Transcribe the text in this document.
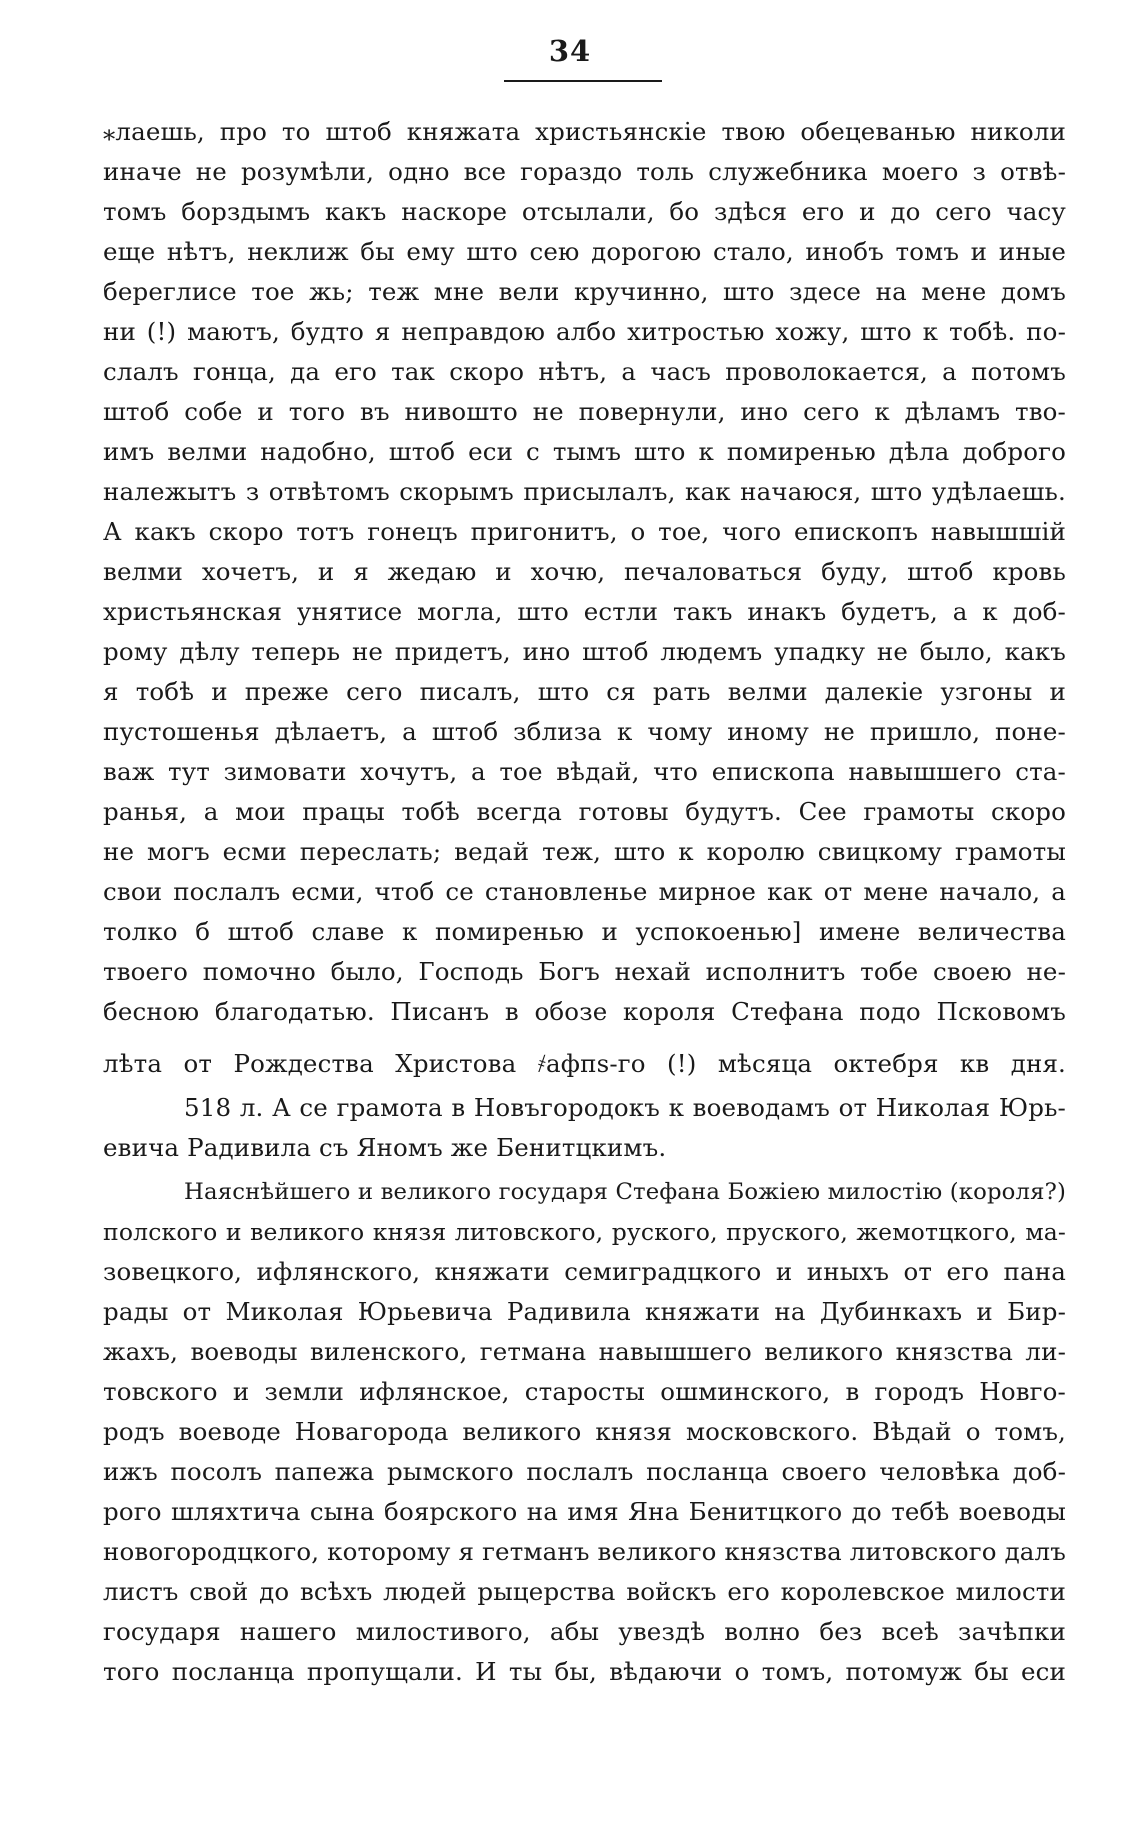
34
⁎лаешь, про то штоб княжата христьянскіе твою обецеванью николи
иначе не розумѣли, одно все гораздо толь служебника моего з отвѣ-
томъ борздымъ какъ наскоре отсылали, бо здѣся его и до сего часу
еще нѣтъ, неклиж бы ему што сею дорогою стало, инобъ томъ и иные
береглисе тое жь; теж мне вели кручинно, што здесе на мене домъ
ни (!) маютъ, будто я неправдою албо хитростью хожу, што к тобѣ. по-
слалъ гонца, да его так скоро нѣтъ, а часъ проволокается, а потомъ
штоб собе и того въ нивошто не повернули, ино сего к дѣламъ тво-
имъ велми надобно, штоб еси с тымъ што к помиренью дѣла доброго
належытъ з отвѣтомъ скорымъ присылалъ, как начаюся, што удѣлаешь.
А какъ скоро тотъ гонецъ пригонитъ, о тое, чого епископъ навышшій
велми хочетъ, и я жедаю и хочю, печаловаться буду, штоб кровь
христьянская унятисе могла, што естли такъ инакъ будетъ, а к доб-
рому дѣлу теперь не придетъ, ино штоб людемъ упадку не было, какъ
я тобѣ и преже сего писалъ, што ся рать велми далекіе узгоны и
пустошенья дѣлаетъ, а штоб зблиза к чому иному не пришло, поне-
важ тут зимовати хочутъ, а тое вѣдай, что епископа навышшего ста-
ранья, а мои працы тобѣ всегда готовы будутъ. Сее грамоты скоро
не могъ есми переслать; ведай теж, што к королю свицкому грамоты
свои послалъ есми, чтоб се становленье мирное как от мене начало, а
толко б штоб славе к помиренью и успокоенью] имене величества
твоего помочно было, Господь Богъ нехай исполнитъ тобе своею не-
бесною благодатью. Писанъ в обозе короля Стефана подо Псковомъ
лѣта от Рождества Христова ҂афпѕ-го (!) мѣсяца октебря кв дня.
518 л. А се грамота в Новъгородокъ к воеводамъ от Николая Юрь-
евича Радивила съ Яномъ же Бенитцкимъ.
Наяснѣйшего и великого государя Стефана Божіею милостію (короля?)
полского и великого князя литовского, руского, пруского, жемотцкого, ма-
зовецкого, ифлянского, княжати семиградцкого и иныхъ от его пана
рады от Миколая Юрьевича Радивила княжати на Дубинкахъ и Бир-
жахъ, воеводы виленского, гетмана навышшего великого князства ли-
товского и земли ифлянское, старосты ошминского, в городъ Новго-
родъ воеводе Новагорода великого князя московского. Вѣдай о томъ,
ижъ посолъ папежа рымского послалъ посланца своего человѣка доб-
рого шляхтича сына боярского на имя Яна Бенитцкого до тебѣ воеводы
новогородцкого, которому я гетманъ великого князства литовского далъ
листъ свой до всѣхъ людей рыцерства войскъ его королевское милости
государя нашего милостивого, абы увездѣ волно без всеѣ зачѣпки
того посланца пропущали. И ты бы, вѣдаючи о томъ, потомуж бы еси
